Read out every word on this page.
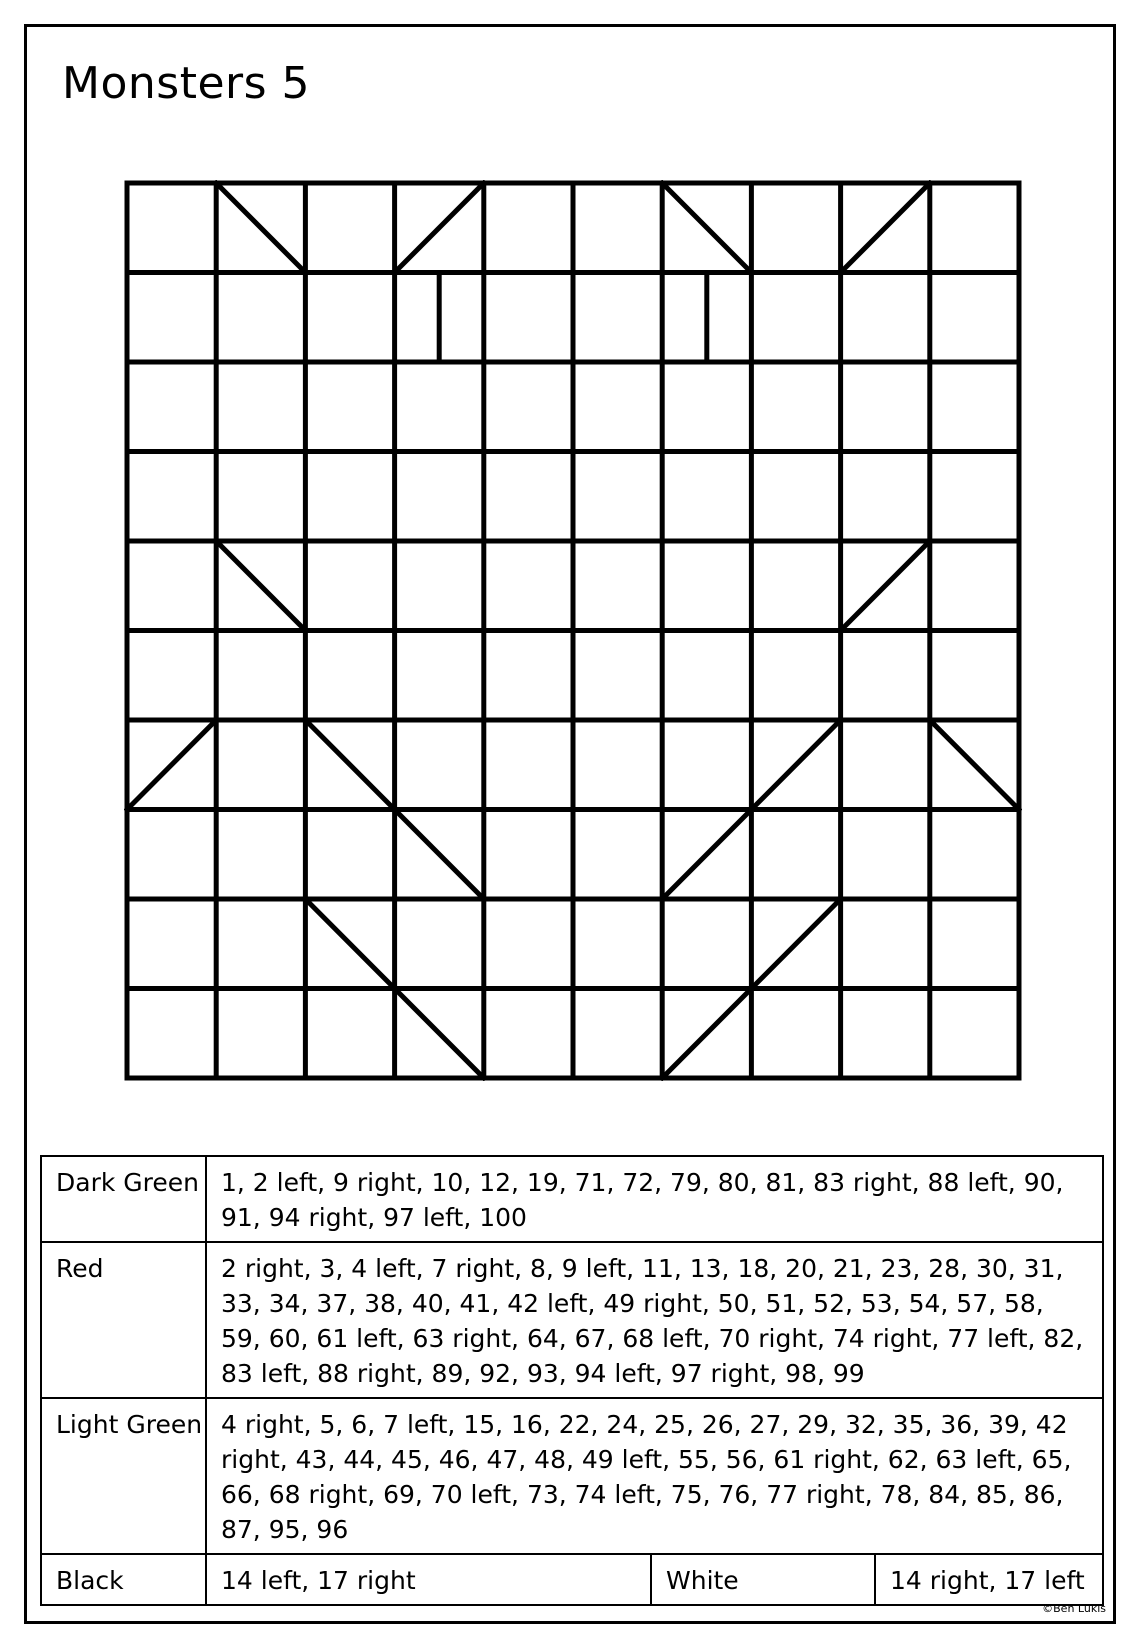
Monsters 5
Dark Green	1, 2 left, 9 right, 10, 12, 19, 71, 72, 79, 80, 81, 83 right, 88 left, 90, 91, 94 right, 97 left, 100		
Red	2 right, 3, 4 left, 7 right, 8, 9 left, 11, 13, 18, 20, 21, 23, 28, 30, 31, 33, 34, 37, 38, 40, 41, 42 left, 49 right, 50, 51, 52, 53, 54, 57, 58, 59, 60, 61 left, 63 right, 64, 67, 68 left, 70 right, 74 right, 77 left, 82, 83 left, 88 right, 89, 92, 93, 94 left, 97 right, 98, 99		
Light Green	4 right, 5, 6, 7 left, 15, 16, 22, 24, 25, 26, 27, 29, 32, 35, 36, 39, 42 right, 43, 44, 45, 46, 47, 48, 49 left, 55, 56, 61 right, 62, 63 left, 65, 66, 68 right, 69, 70 left, 73, 74 left, 75, 76, 77 right, 78, 84, 85, 86, 87, 95, 96		
Black	14 left, 17 right	White	14 right, 17 left
©Ben Lukis
